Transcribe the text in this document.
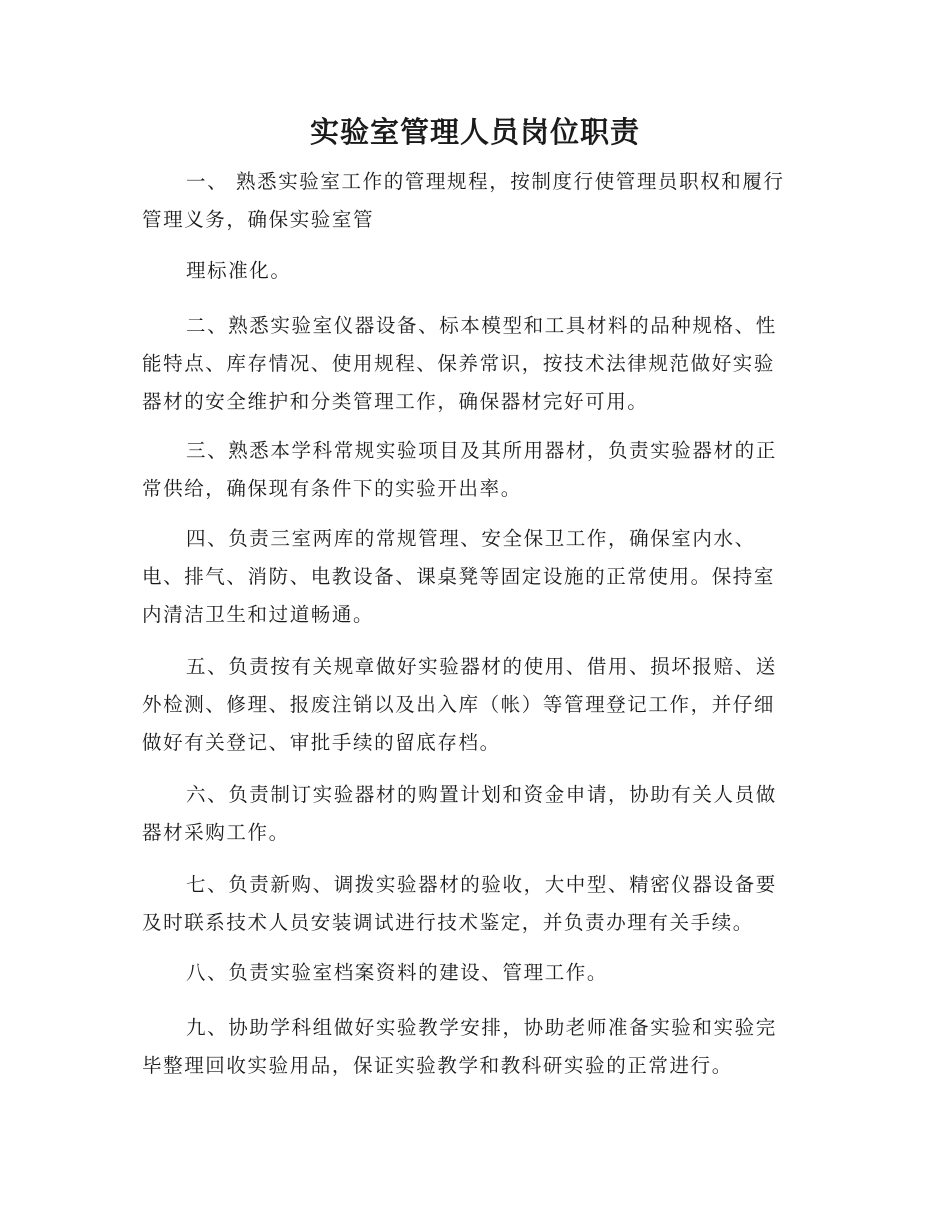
实验室管理人员岗位职责

一、 熟悉实验室工作的管理规程，按制度行使管理员职权和履行
管理义务，确保实验室管

理标准化。

二、熟悉实验室仪器设备、标本模型和工具材料的品种规格、性
能特点、库存情况、使用规程、保养常识，按技术法律规范做好实验
器材的安全维护和分类管理工作，确保器材完好可用。

三、熟悉本学科常规实验项目及其所用器材，负责实验器材的正
常供给，确保现有条件下的实验开出率。

四、负责三室两库的常规管理、安全保卫工作，确保室内水、
电、排气、消防、电教设备、课桌凳等固定设施的正常使用。保持室
内清洁卫生和过道畅通。

五、负责按有关规章做好实验器材的使用、借用、损坏报赔、送
外检测、修理、报废注销以及出入库（帐）等管理登记工作，并仔细
做好有关登记、审批手续的留底存档。

六、负责制订实验器材的购置计划和资金申请，协助有关人员做
器材采购工作。

七、负责新购、调拨实验器材的验收，大中型、精密仪器设备要
及时联系技术人员安装调试进行技术鉴定，并负责办理有关手续。

八、负责实验室档案资料的建设、管理工作。

九、协助学科组做好实验教学安排，协助老师准备实验和实验完
毕整理回收实验用品，保证实验教学和教科研实验的正常进行。
